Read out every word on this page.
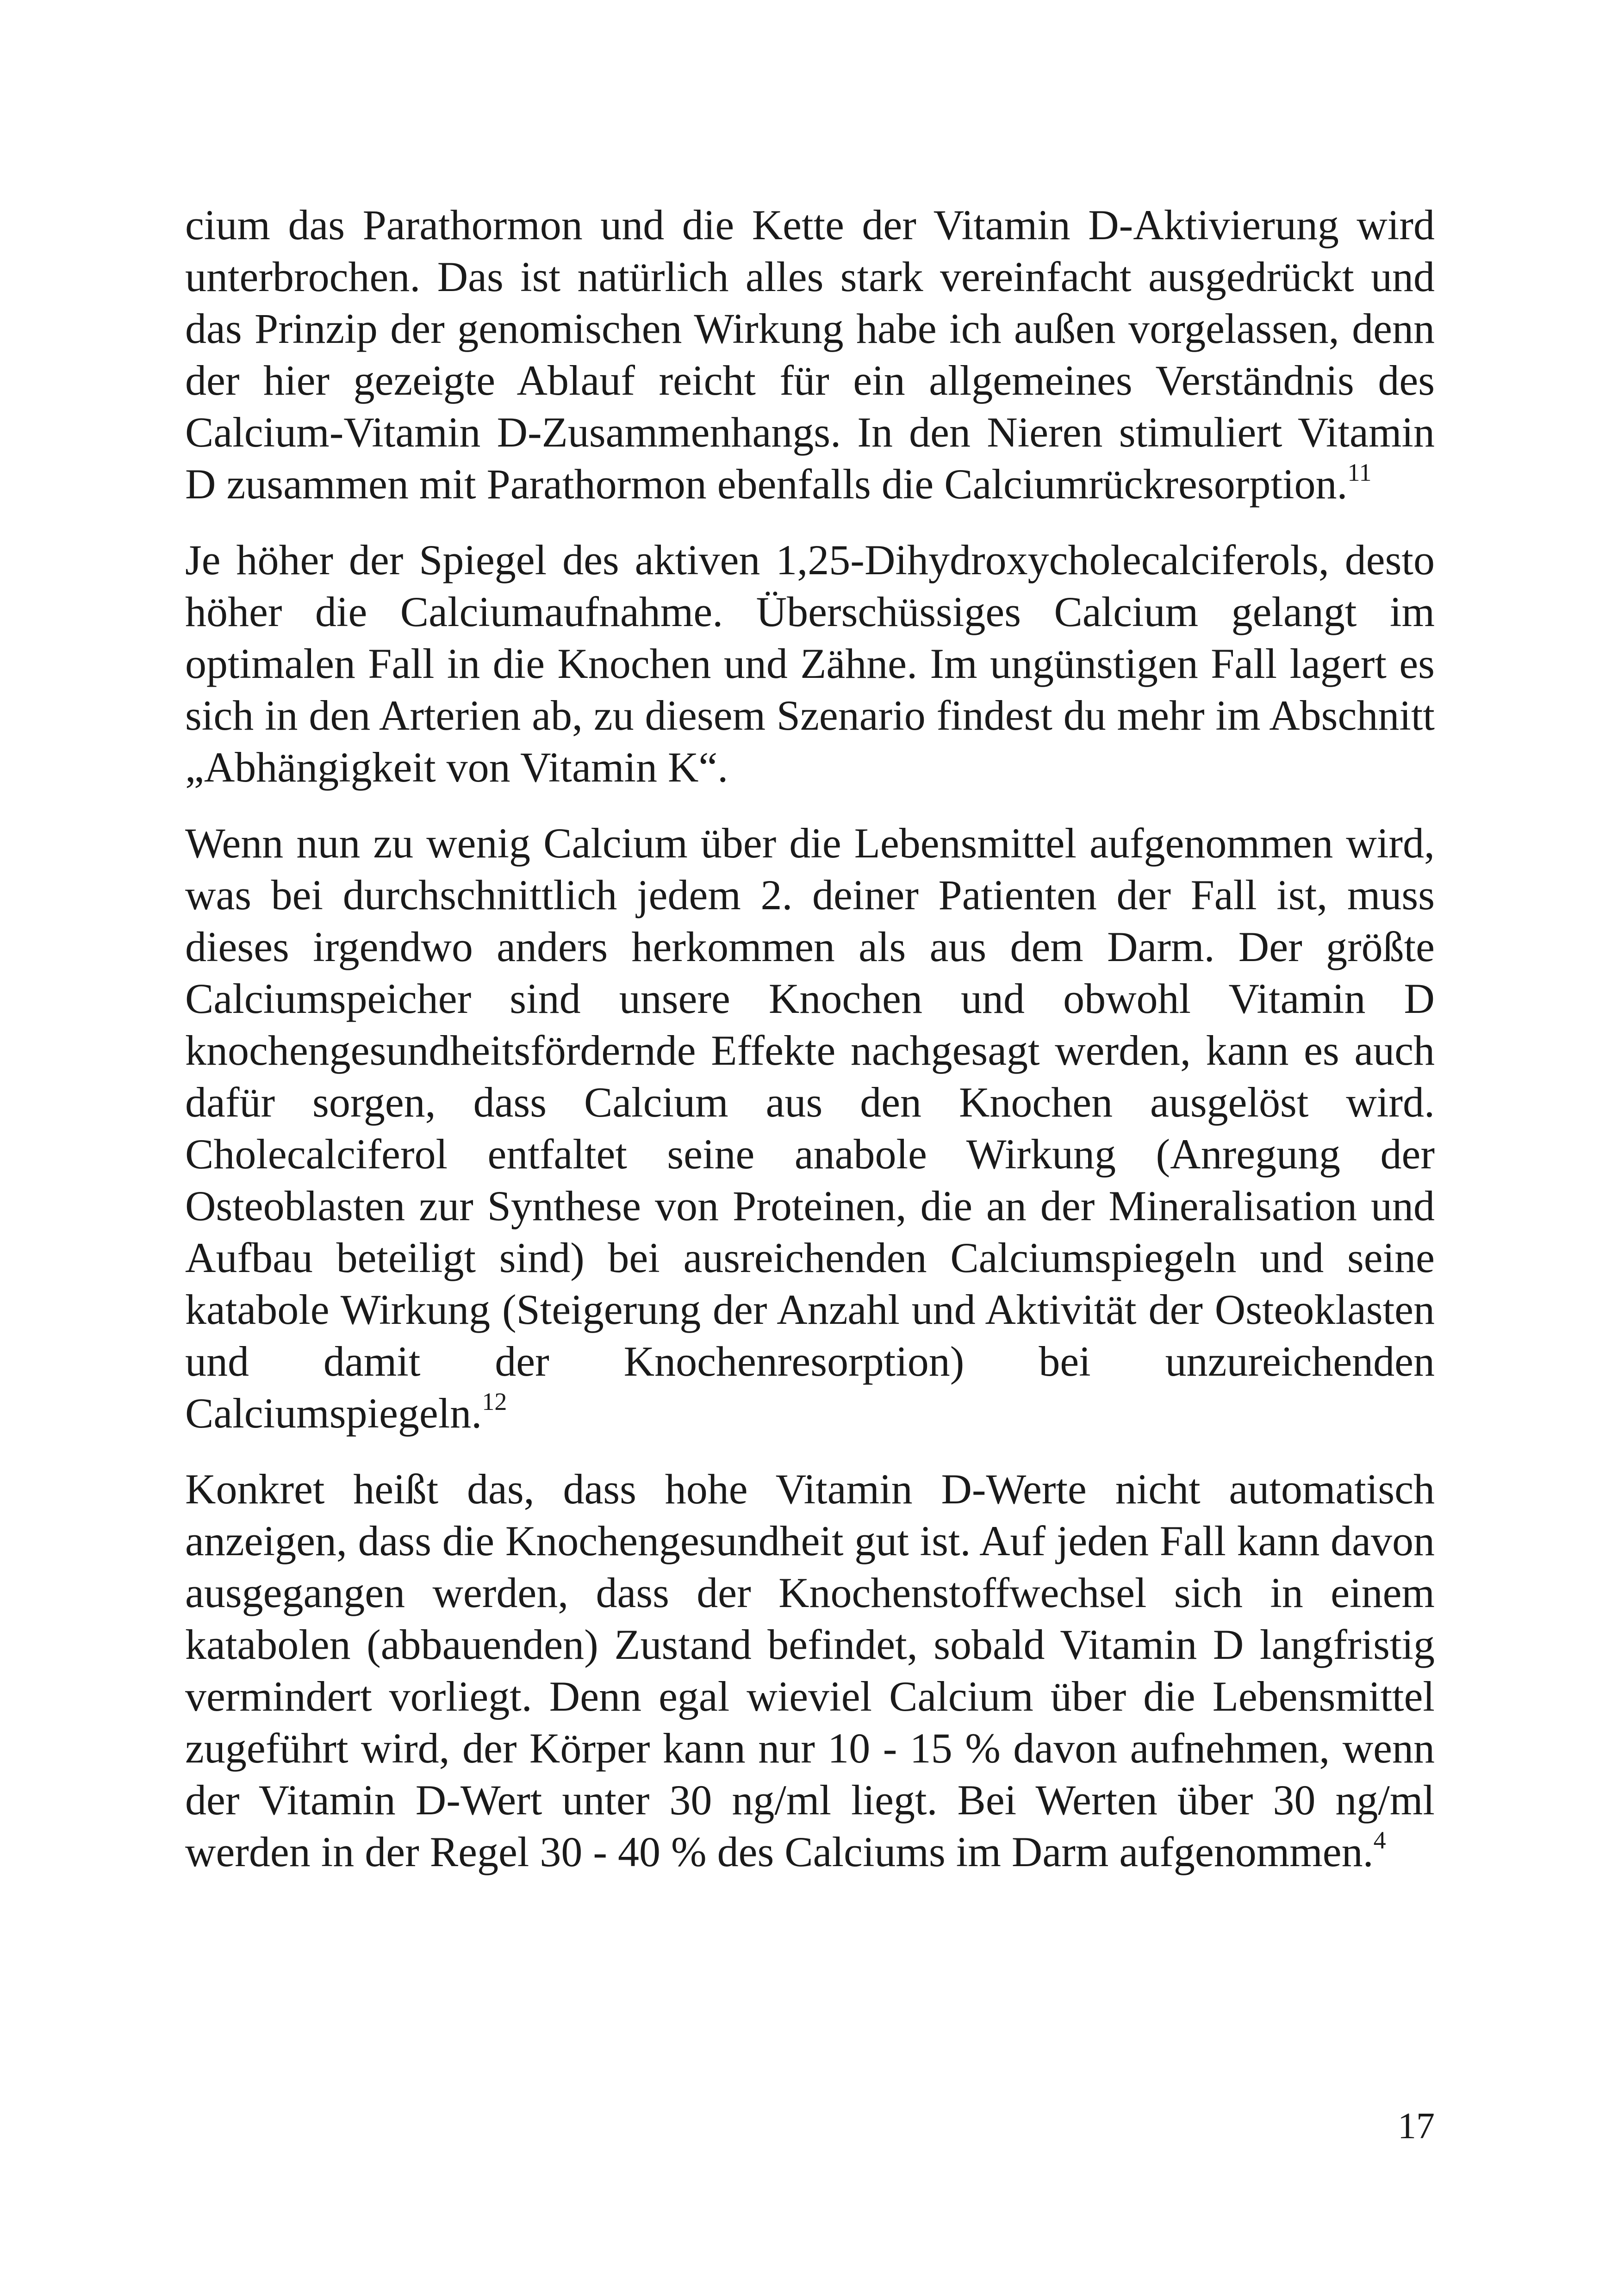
cium das Parathormon und die Kette der Vitamin D-Aktivierung wird unterbrochen. Das ist natürlich alles stark vereinfacht ausgedrückt und das Prinzip der genomischen Wirkung habe ich außen vorgelassen, denn der hier gezeigte Ablauf reicht für ein allgemeines Verständnis des Calcium-Vitamin D-Zusammenhangs. In den Nieren stimuliert Vitamin D zusammen mit Parathormon ebenfalls die Calciumrückresorption.$^{11}$

Je höher der Spiegel des aktiven 1,25-Dihydroxycholecalciferols, desto höher die Calciumaufnahme. Überschüssiges Calcium gelangt im optimalen Fall in die Knochen und Zähne. Im ungünstigen Fall lagert es sich in den Arterien ab, zu diesem Szenario findest du mehr im Abschnitt „Abhängigkeit von Vitamin K“.

Wenn nun zu wenig Calcium über die Lebensmittel aufgenommen wird, was bei durchschnittlich jedem 2. deiner Patienten der Fall ist, muss dieses irgendwo anders herkommen als aus dem Darm. Der größte Calciumspeicher sind unsere Knochen und obwohl Vitamin D knochengesundheitsfördernde Effekte nachgesagt werden, kann es auch dafür sorgen, dass Calcium aus den Knochen ausgelöst wird. Cholecalciferol entfaltet seine anabole Wirkung (Anregung der Osteoblasten zur Synthese von Proteinen, die an der Mineralisation und Aufbau beteiligt sind) bei ausreichenden Calciumspiegeln und seine katabole Wirkung (Steigerung der Anzahl und Aktivität der Osteoklasten und damit der Knochenresorption) bei unzureichenden Calciumspiegeln.$^{12}$

Konkret heißt das, dass hohe Vitamin D-Werte nicht automatisch anzeigen, dass die Knochengesundheit gut ist. Auf jeden Fall kann davon ausgegangen werden, dass der Knochenstoffwechsel sich in einem katabolen (abbauenden) Zustand befindet, sobald Vitamin D langfristig vermindert vorliegt. Denn egal wieviel Calcium über die Lebensmittel zugeführt wird, der Körper kann nur 10 - 15 % davon aufnehmen, wenn der Vitamin D-Wert unter 30 ng/ml liegt. Bei Werten über 30 ng/ml werden in der Regel 30 - 40 % des Calciums im Darm aufgenommen.$^4$

17
